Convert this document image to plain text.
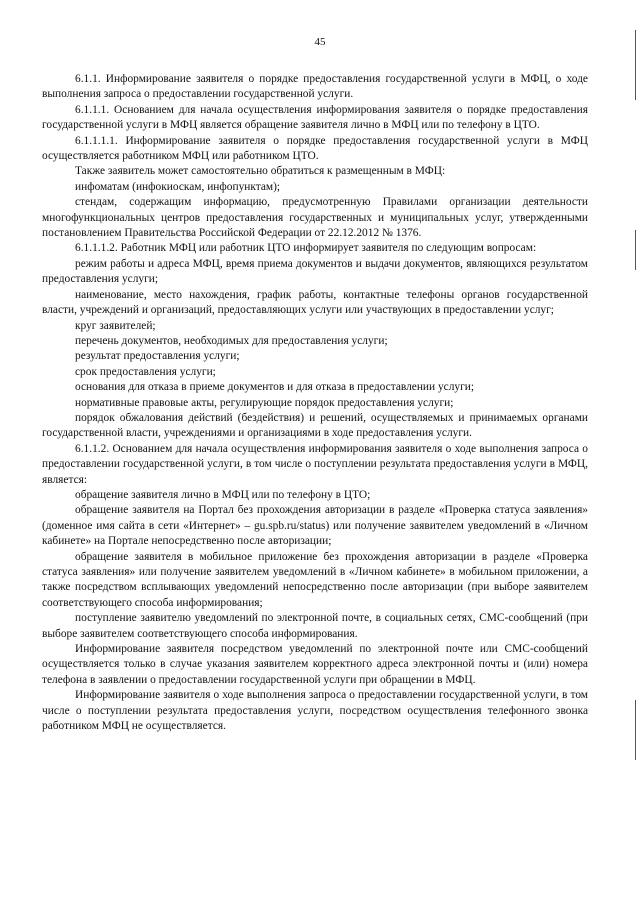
45

6.1.1. Информирование заявителя о порядке предоставления государственной услуги в МФЦ, о ходе выполнения запроса о предоставлении государственной услуги.

6.1.1.1. Основанием для начала осуществления информирования заявителя о порядке предоставления государственной услуги в МФЦ является обращение заявителя лично в МФЦ или по телефону в ЦТО.

6.1.1.1.1. Информирование заявителя о порядке предоставления государственной услуги в МФЦ осуществляется работником МФЦ или работником ЦТО.

Также заявитель может самостоятельно обратиться к размещенным в МФЦ:

инфоматам (инфокиоскам, инфопунктам);

стендам, содержащим информацию, предусмотренную Правилами организации деятельности многофункциональных центров предоставления государственных и муниципальных услуг, утвержденными постановлением Правительства Российской Федерации от 22.12.2012 № 1376.

6.1.1.1.2. Работник МФЦ или работник ЦТО информирует заявителя по следующим вопросам:

режим работы и адреса МФЦ, время приема документов и выдачи документов, являющихся результатом предоставления услуги;

наименование, место нахождения, график работы, контактные телефоны органов государственной власти, учреждений и организаций, предоставляющих услуги или участвующих в предоставлении услуг;

круг заявителей;

перечень документов, необходимых для предоставления услуги;

результат предоставления услуги;

срок предоставления услуги;

основания для отказа в приеме документов и для отказа в предоставлении услуги;

нормативные правовые акты, регулирующие порядок предоставления услуги;

порядок обжалования действий (бездействия) и решений, осуществляемых и принимаемых органами государственной власти, учреждениями и организациями в ходе предоставления услуги.

6.1.1.2. Основанием для начала осуществления информирования заявителя о ходе выполнения запроса о предоставлении государственной услуги, в том числе о поступлении результата предоставления услуги в МФЦ, является:

обращение заявителя лично в МФЦ или по телефону в ЦТО;

обращение заявителя на Портал без прохождения авторизации в разделе «Проверка статуса заявления» (доменное имя сайта в сети «Интернет» – gu.spb.ru/status) или получение заявителем уведомлений в «Личном кабинете» на Портале непосредственно после авторизации;

обращение заявителя в мобильное приложение без прохождения авторизации в разделе «Проверка статуса заявления» или получение заявителем уведомлений в «Личном кабинете» в мобильном приложении, а также посредством всплывающих уведомлений непосредственно после авторизации (при выборе заявителем соответствующего способа информирования;

поступление заявителю уведомлений по электронной почте, в социальных сетях, СМС-сообщений (при выборе заявителем соответствующего способа информирования.

Информирование заявителя посредством уведомлений по электронной почте или СМС-сообщений осуществляется только в случае указания заявителем корректного адреса электронной почты и (или) номера телефона в заявлении о предоставлении государственной услуги при обращении в МФЦ.

Информирование заявителя о ходе выполнения запроса о предоставлении государственной услуги, в том числе о поступлении результата предоставления услуги, посредством осуществления телефонного звонка работником МФЦ не осуществляется.
